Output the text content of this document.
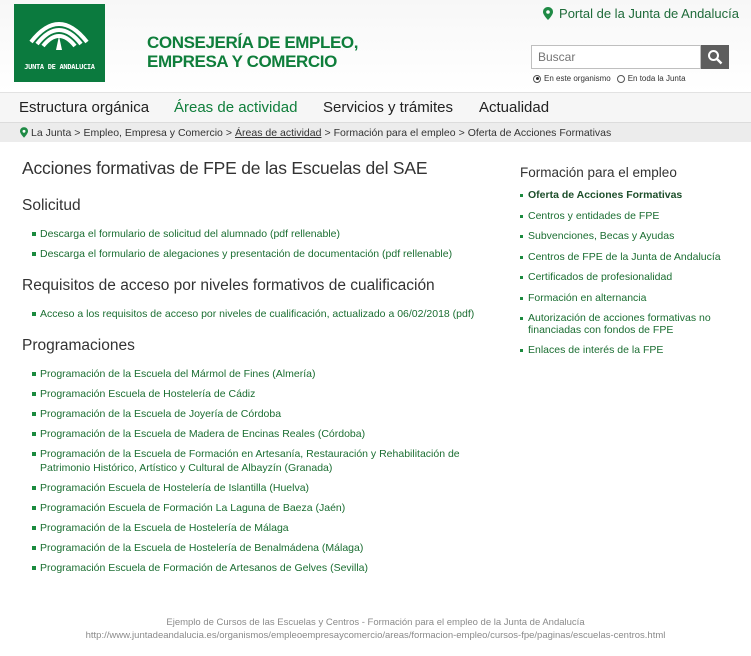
JUNTA DE ANDALUCIA
CONSEJERÍA DE EMPLEO,
EMPRESA Y COMERCIO
Portal de la Junta de Andalucía
Buscar
En este organismo En toda la Junta
Estructura orgánica Áreas de actividad Servicios y trámites Actualidad
La Junta > Empleo, Empresa y Comercio > Áreas de actividad > Formación para el empleo > Oferta de Acciones Formativas
Acciones formativas de FPE de las Escuelas del SAE
Solicitud
Descarga el formulario de solicitud del alumnado (pdf rellenable)
Descarga el formulario de alegaciones y presentación de documentación (pdf rellenable)
Requisitos de acceso por niveles formativos de cualificación
Acceso a los requisitos de acceso por niveles de cualificación, actualizado a 06/02/2018 (pdf)
Programaciones
Programación de la Escuela del Mármol de Fines (Almería)
Programación Escuela de Hostelería de Cádiz
Programación de la Escuela de Joyería de Córdoba
Programación de la Escuela de Madera de Encinas Reales (Córdoba)
Programación de la Escuela de Formación en Artesanía, Restauración y Rehabilitación de Patrimonio Histórico, Artístico y Cultural de Albayzín (Granada)
Programación Escuela de Hostelería de Islantilla (Huelva)
Programación Escuela de Formación La Laguna de Baeza (Jaén)
Programación de la Escuela de Hostelería de Málaga
Programación de la Escuela de Hostelería de Benalmádena (Málaga)
Programación Escuela de Formación de Artesanos de Gelves (Sevilla)
Formación para el empleo
Oferta de Acciones Formativas
Centros y entidades de FPE
Subvenciones, Becas y Ayudas
Centros de FPE de la Junta de Andalucía
Certificados de profesionalidad
Formación en alternancia
Autorización de acciones formativas no financiadas con fondos de FPE
Enlaces de interés de la FPE
Ejemplo de Cursos de las Escuelas y Centros - Formación para el empleo de la Junta de Andalucía
http://www.juntadeandalucia.es/organismos/empleoempresaycomercio/areas/formacion-empleo/cursos-fpe/paginas/escuelas-centros.html
